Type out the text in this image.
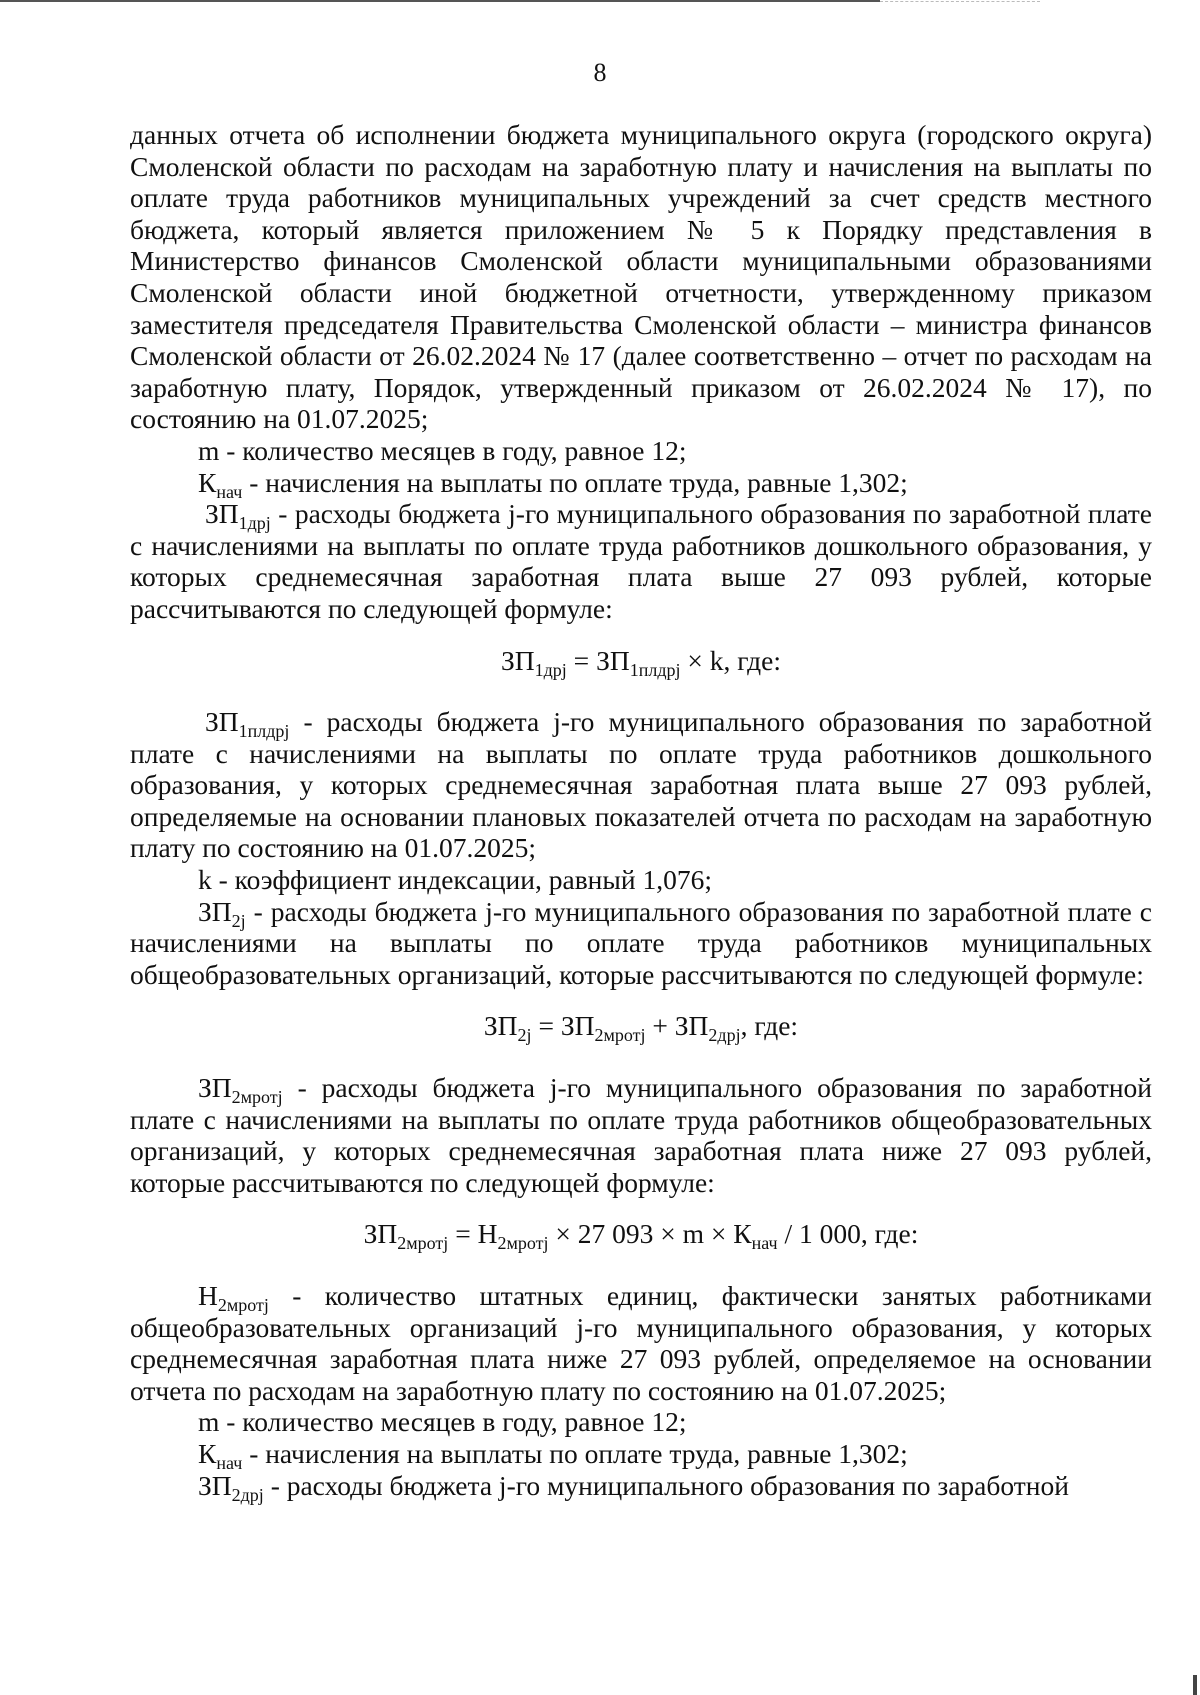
8

данных отчета об исполнении бюджета муниципального округа (городского округа) Смоленской области по расходам на заработную плату и начисления на выплаты по оплате труда работников муниципальных учреждений за счет средств местного бюджета, который является приложением № 5 к Порядку представления в Министерство финансов Смоленской области муниципальными образованиями Смоленской области иной бюджетной отчетности, утвержденному приказом заместителя председателя Правительства Смоленской области – министра финансов Смоленской области от 26.02.2024 № 17 (далее соответственно – отчет по расходам на заработную плату, Порядок, утвержденный приказом от 26.02.2024 № 17), по состоянию на 01.07.2025;

m - количество месяцев в году, равное 12;

$К_{нач}$ - начисления на выплаты по оплате труда, равные 1,302;

$ЗП_{1дрj}$ - расходы бюджета j-го муниципального образования по заработной плате с начислениями на выплаты по оплате труда работников дошкольного образования, у которых среднемесячная заработная плата выше 27 093 рублей, которые рассчитываются по следующей формуле:

$ЗП_{1дрj} = ЗП_{1плдрj} \times k$, где:

$ЗП_{1плдрj}$ - расходы бюджета j-го муниципального образования по заработной плате с начислениями на выплаты по оплате труда работников дошкольного образования, у которых среднемесячная заработная плата выше 27 093 рублей, определяемые на основании плановых показателей отчета по расходам на заработную плату по состоянию на 01.07.2025;

k - коэффициент индексации, равный 1,076;

$ЗП_{2j}$ - расходы бюджета j-го муниципального образования по заработной плате с начислениями на выплаты по оплате труда работников муниципальных общеобразовательных организаций, которые рассчитываются по следующей формуле:

$ЗП_{2j} = ЗП_{2мротj} + ЗП_{2дрj}$, где:

$ЗП_{2мротj}$ - расходы бюджета j-го муниципального образования по заработной плате с начислениями на выплаты по оплате труда работников общеобразовательных организаций, у которых среднемесячная заработная плата ниже 27 093 рублей, которые рассчитываются по следующей формуле:

$ЗП_{2мротj} = Н_{2мротj} \times 27$ $093 \times m \times К_{нач} / 1$ 000, где:

$Н_{2мротj}$ - количество штатных единиц, фактически занятых работниками общеобразовательных организаций j-го муниципального образования, у которых среднемесячная заработная плата ниже 27 093 рублей, определяемое на основании отчета по расходам на заработную плату по состоянию на 01.07.2025;

m - количество месяцев в году, равное 12;

$К_{нач}$ - начисления на выплаты по оплате труда, равные 1,302;

$ЗП_{2дрj}$ - расходы бюджета j-го муниципального образования по заработной
